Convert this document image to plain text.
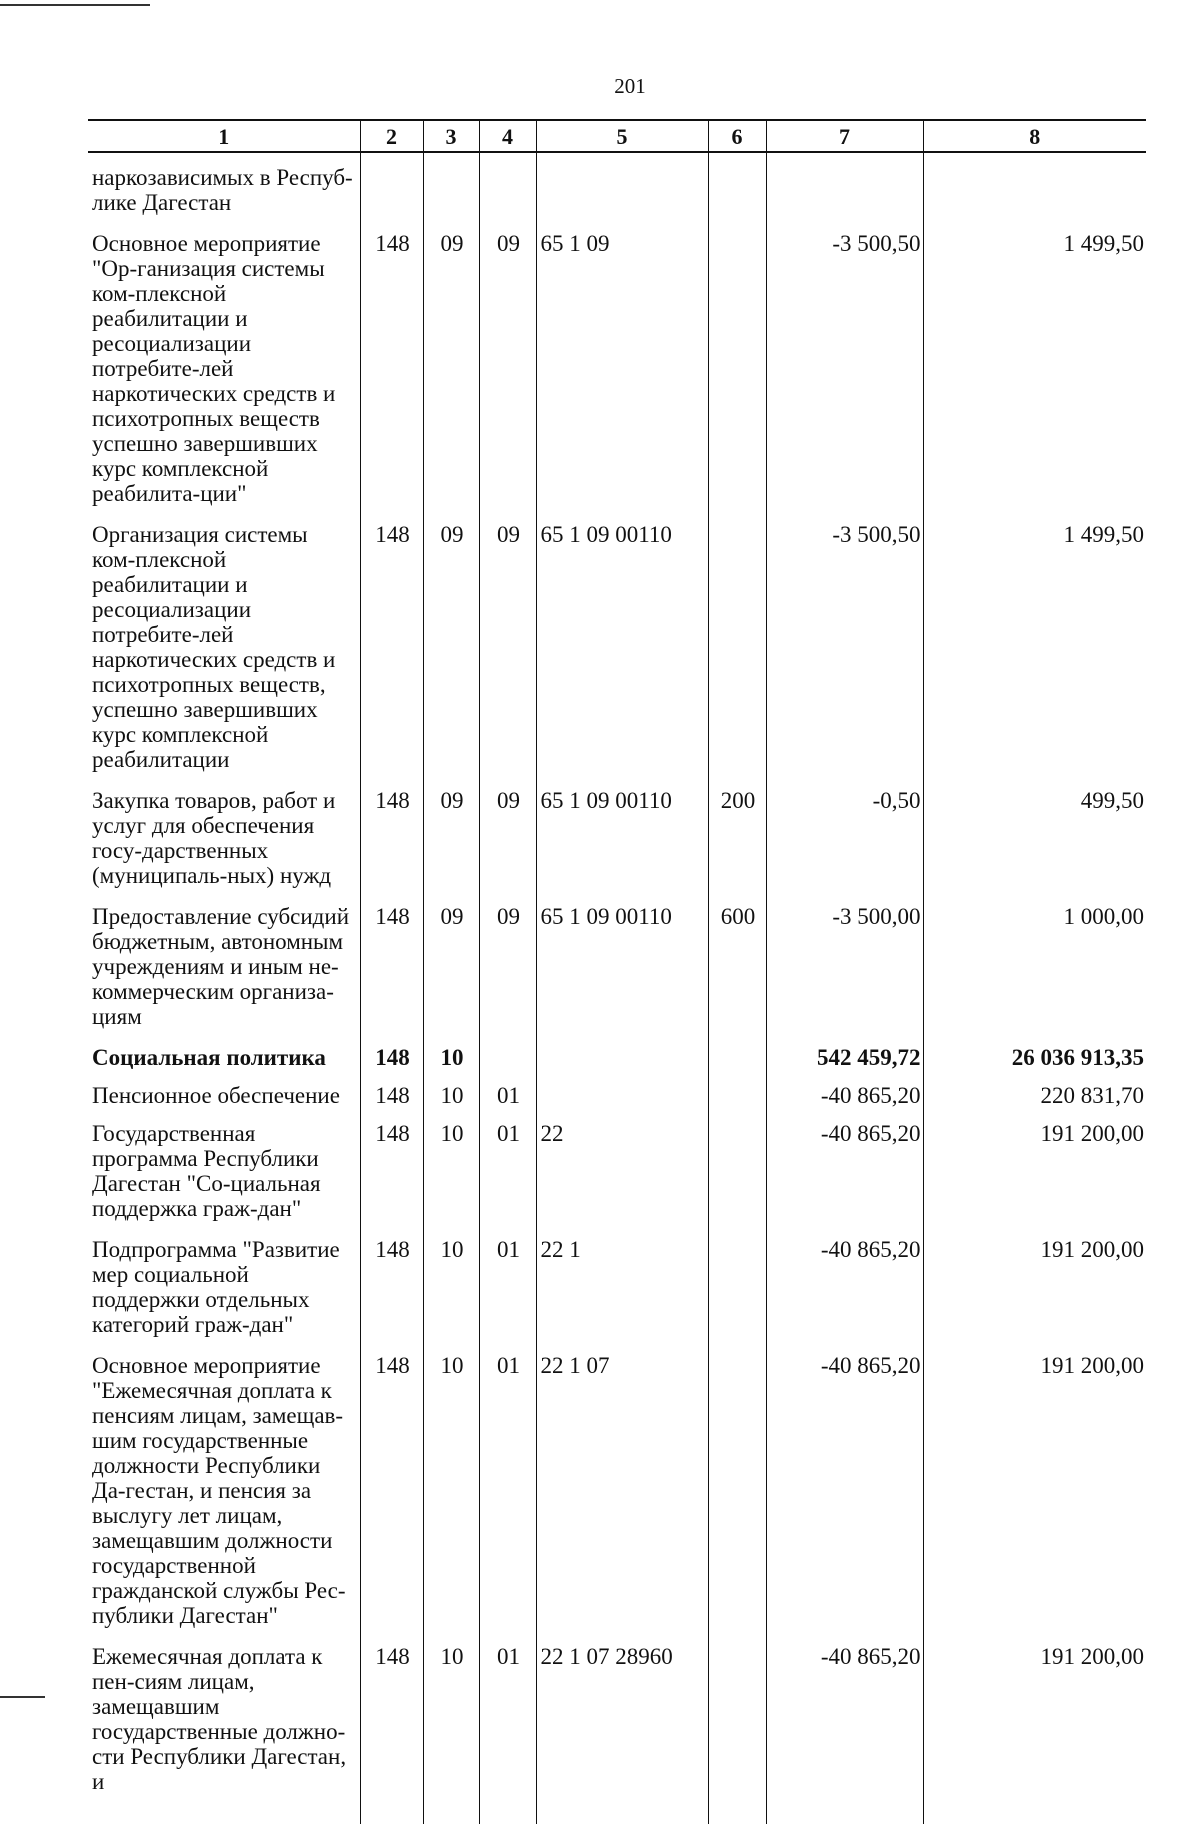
201
1	2	3	4	5	6	7	8
наркозависимых в Респуб-лике Дагестан							
Основное мероприятие "Ор-ганизация системы ком-плексной реабилитации и ресоциализации потребите-лей наркотических средств и психотропных веществ успешно завершивших курс комплексной реабилита-ции"	148	09	09	65 1 09		-3 500,50	1 499,50
Организация системы ком-плексной реабилитации и ресоциализации потребите-лей наркотических средств и психотропных веществ, успешно завершивших курс комплексной реабилитации	148	09	09	65 1 09 00110		-3 500,50	1 499,50
Закупка товаров, работ и услуг для обеспечения госу-дарственных (муниципаль-ных) нужд	148	09	09	65 1 09 00110	200	-0,50	499,50
Предоставление субсидий бюджетным, автономным учреждениям и иным не-коммерческим организа-циям	148	09	09	65 1 09 00110	600	-3 500,00	1 000,00
Социальная политика	148	10				542 459,72	26 036 913,35
Пенсионное обеспечение	148	10	01			-40 865,20	220 831,70
Государственная программа Республики Дагестан "Со-циальная поддержка граж-дан"	148	10	01	22		-40 865,20	191 200,00
Подпрограмма "Развитие мер социальной поддержки отдельных категорий граж-дан"	148	10	01	22 1		-40 865,20	191 200,00
Основное мероприятие "Ежемесячная доплата к пенсиям лицам, замещав-шим государственные должности Республики Да-гестан, и пенсия за выслугу лет лицам, замещавшим должности государственной гражданской службы Рес-публики Дагестан"	148	10	01	22 1 07		-40 865,20	191 200,00
Ежемесячная доплата к пен-сиям лицам, замещавшим государственные должно-сти Республики Дагестан, и	148	10	01	22 1 07 28960		-40 865,20	191 200,00
